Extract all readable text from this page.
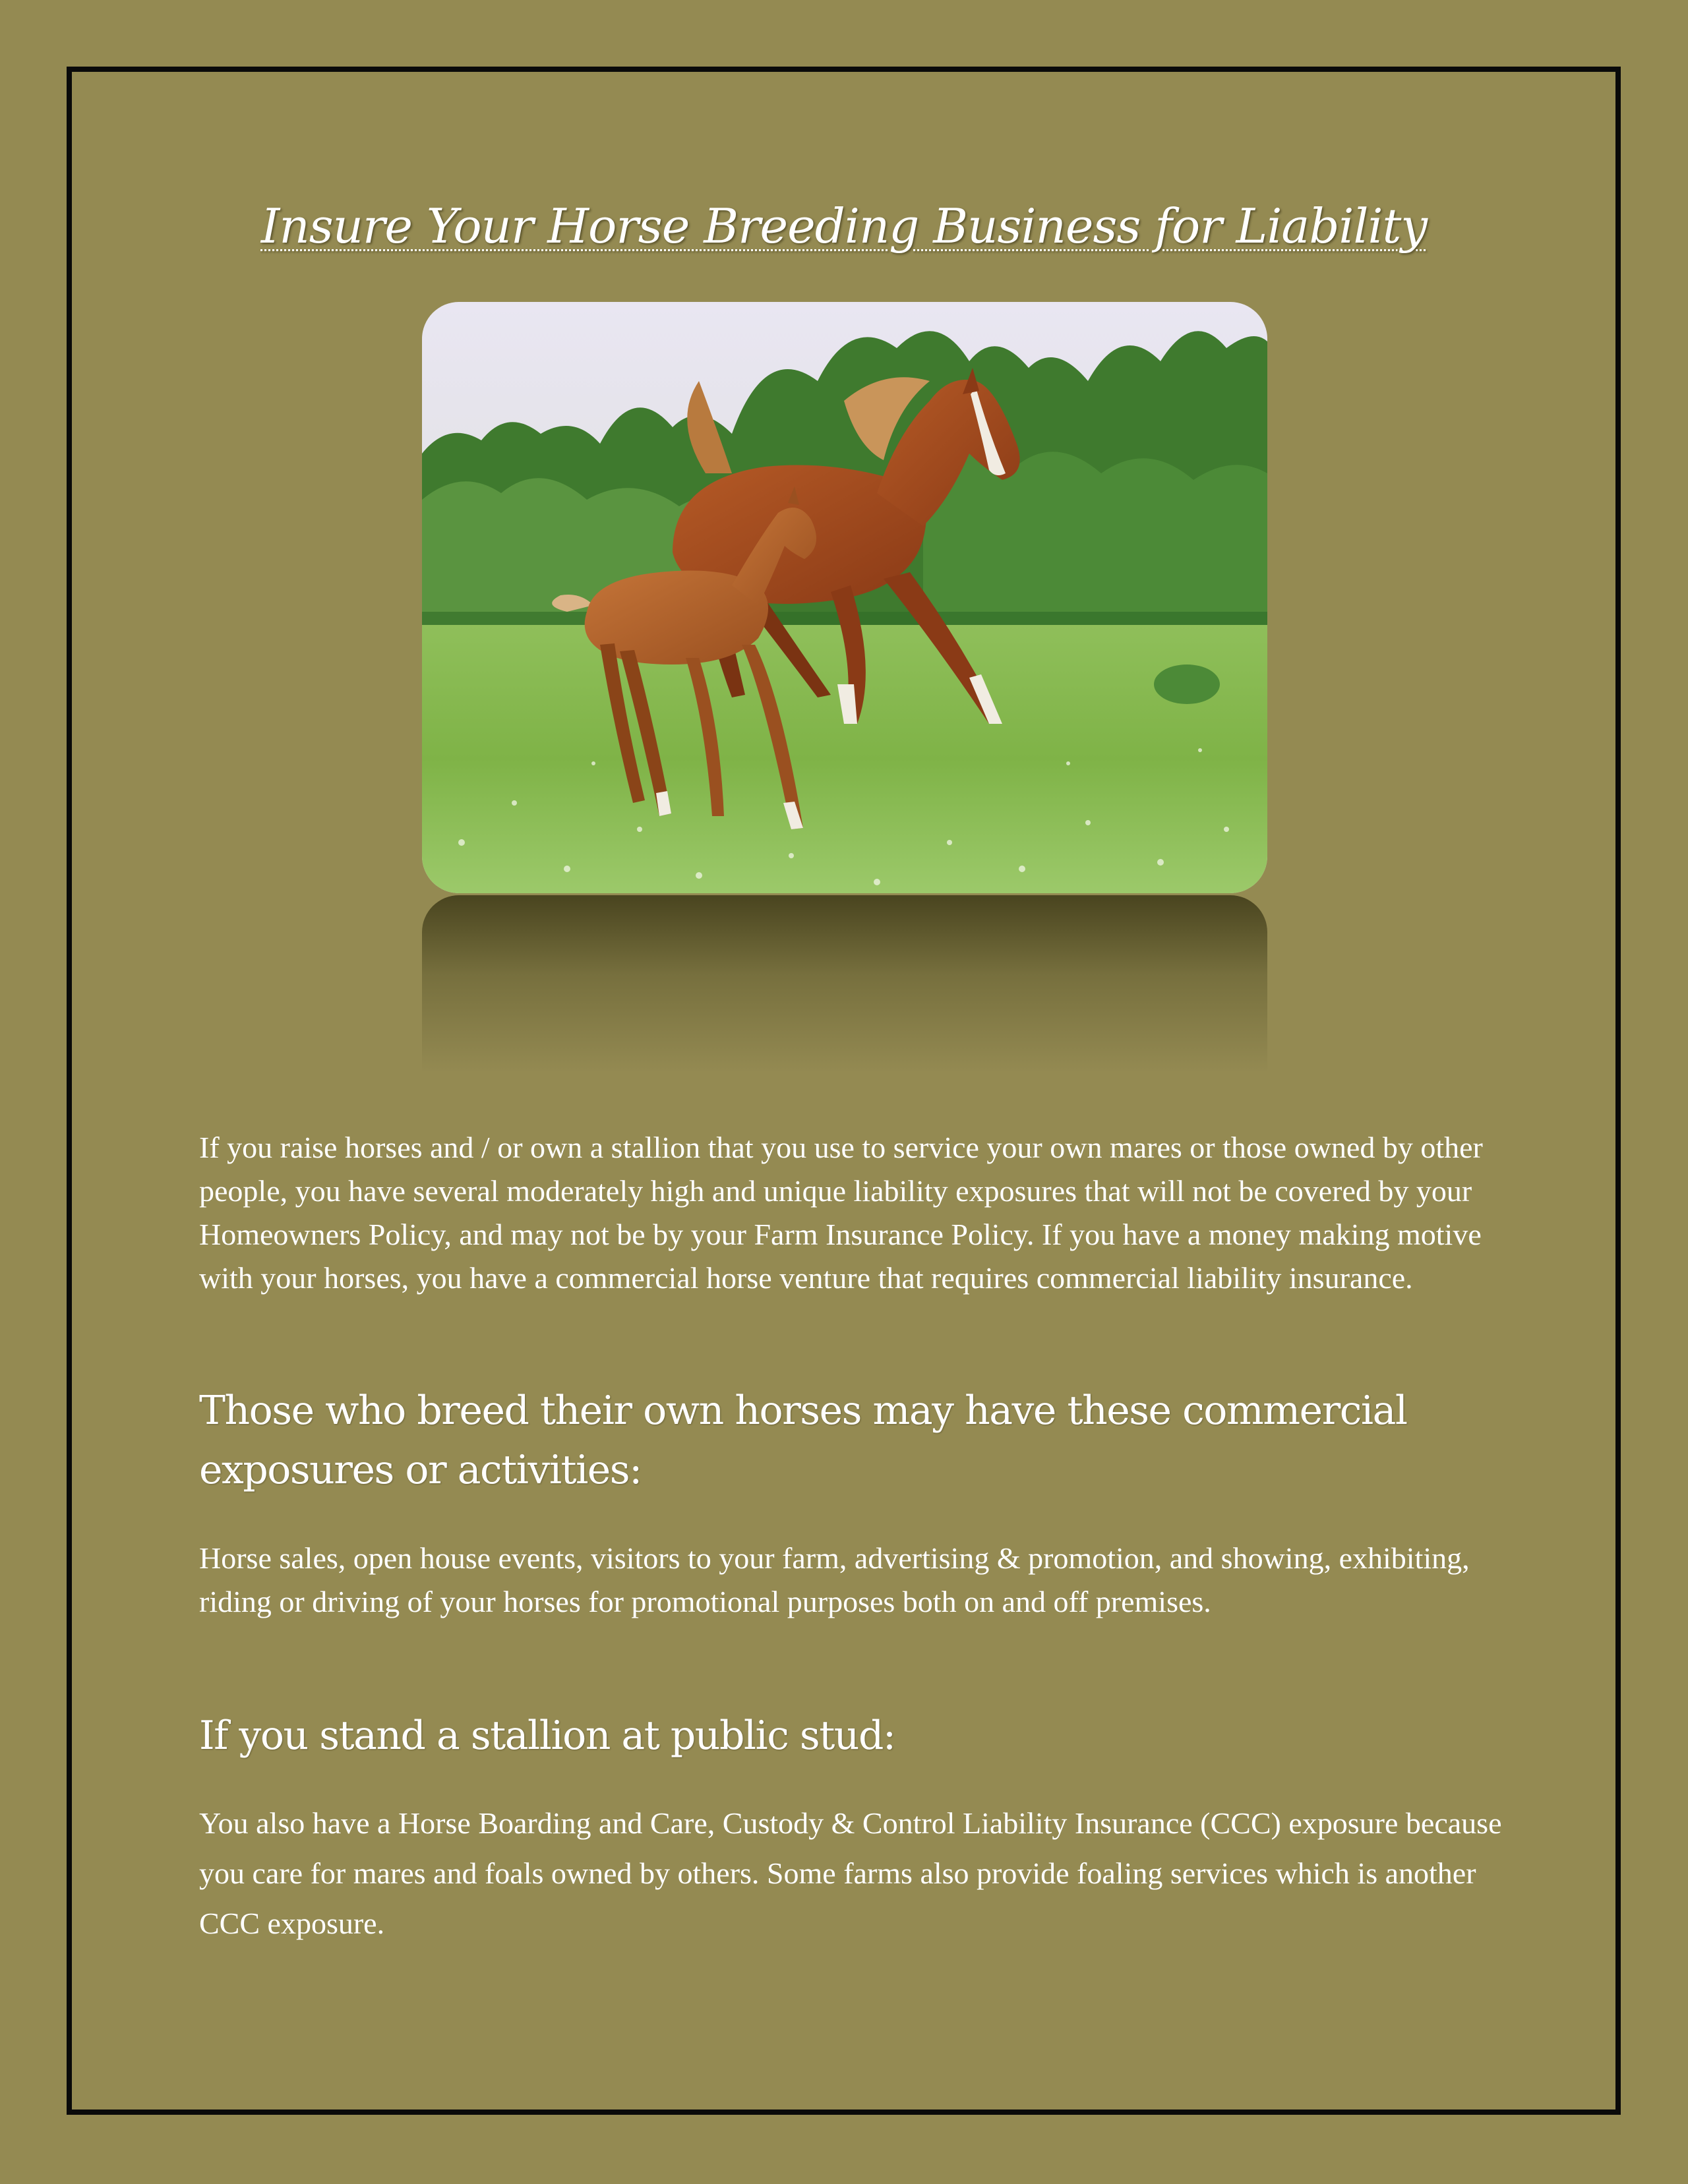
Insure Your Horse Breeding Business for Liability

If you raise horses and / or own a stallion that you use to service your own mares or those owned by other people, you have several moderately high and unique liability exposures that will not be covered by your Homeowners Policy, and may not be by your Farm Insurance Policy. If you have a money making motive with your horses, you have a commercial horse venture that requires commercial liability insurance.

Those who breed their own horses may have these commercial exposures or activities:

Horse sales, open house events, visitors to your farm, advertising & promotion, and showing, exhibiting, riding or driving of your horses for promotional purposes both on and off premises.

If you stand a stallion at public stud:

You also have a Horse Boarding and Care, Custody & Control Liability Insurance (CCC) exposure because you care for mares and foals owned by others. Some farms also provide foaling services which is another CCC exposure.
